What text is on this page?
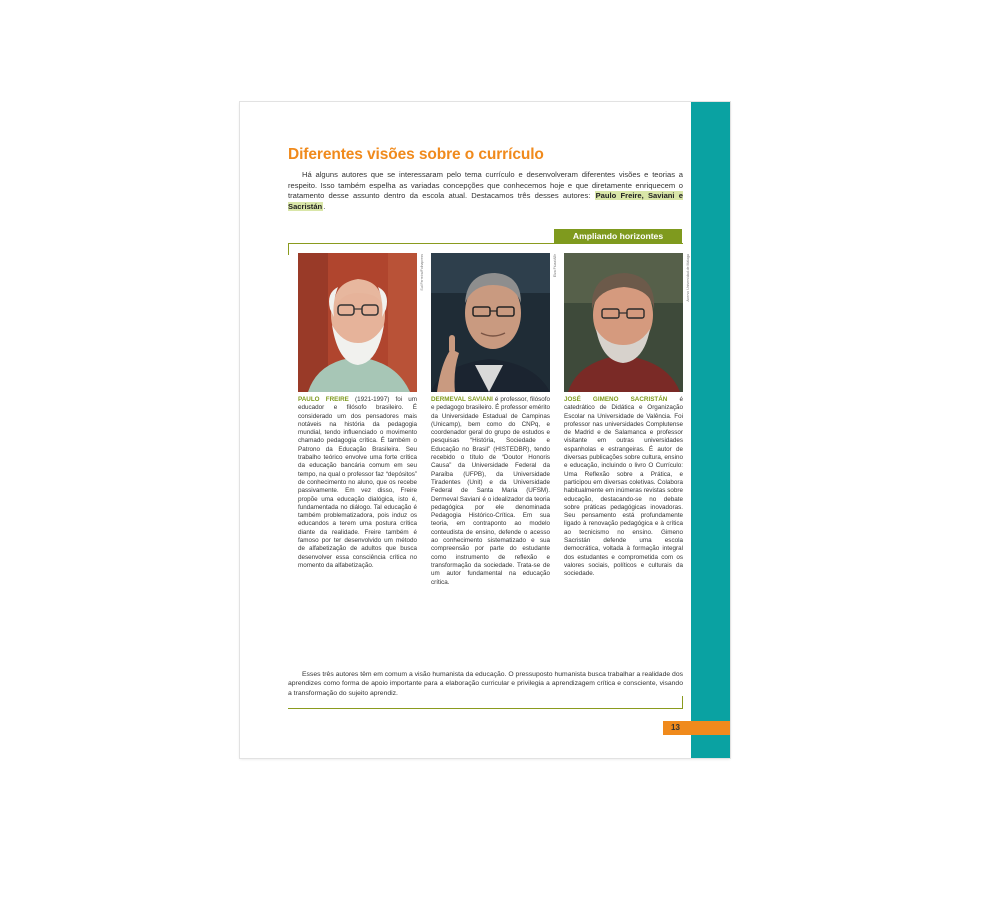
Diferentes visões sobre o currículo

Há alguns autores que se interessaram pelo tema currículo e desenvolveram diferentes visões e teorias a respeito. Isso também espelha as variadas concepções que conhecemos hoje e que diretamente enriquecem o tratamento desse assunto dentro da escola atual. Destacamos três desses autores: Paulo Freire, Saviani e Sacristán.

Ampliando horizontes
Sul Ferreira/Folhapress	Elza Fiúza/ABr	Acervo Universidad de Málaga

PAULO FREIRE (1921-1997) foi um educador e filósofo brasileiro. É considerado um dos pensadores mais notáveis na história da pedagogia mundial, tendo influenciado o movimento chamado pedagogia crítica. É também o Patrono da Educação Brasileira. Seu trabalho teórico envolve uma forte crítica da educação bancária comum em seu tempo, na qual o professor faz “depósitos” de conhecimento no aluno, que os recebe passivamente. Em vez disso, Freire propõe uma educação dialógica, isto é, fundamentada no diálogo. Tal educação é também problematizadora, pois induz os educandos a terem uma postura crítica diante da realidade. Freire também é famoso por ter desenvolvido um método de alfabetização de adultos que busca desenvolver essa consciência crítica no momento da alfabetização.

DERMEVAL SAVIANI é professor, filósofo e pedagogo brasileiro. É professor emérito da Universidade Estadual de Campinas (Unicamp), bem como do CNPq, e coordenador geral do grupo de estudos e pesquisas “História, Sociedade e Educação no Brasil” (HISTEDBR), tendo recebido o título de “Doutor Honoris Causa” da Universidade Federal da Paraíba (UFPB), da Universidade Tiradentes (Unit) e da Universidade Federal de Santa Maria (UFSM). Dermeval Saviani é o idealizador da teoria pedagógica por ele denominada Pedagogia Histórico-Crítica. Em sua teoria, em contraponto ao modelo conteudista de ensino, defende o acesso ao conhecimento sistematizado e sua compreensão por parte do estudante como instrumento de reflexão e transformação da sociedade. Trata-se de um autor fundamental na educação crítica.

JOSÉ GIMENO SACRISTÁN é catedrático de Didática e Organização Escolar na Universidade de Valência. Foi professor nas universidades Complutense de Madrid e de Salamanca e professor visitante em outras universidades espanholas e estrangeiras. É autor de diversas publicações sobre cultura, ensino e educação, incluindo o livro O Currículo: Uma Reflexão sobre a Prática, e participou em diversas coletivas. Colabora habitualmente em inúmeras revistas sobre educação, destacando-se no debate sobre práticas pedagógicas inovadoras. Seu pensamento está profundamente ligado à renovação pedagógica e à crítica ao tecnicismo no ensino. Gimeno Sacristán defende uma escola democrática, voltada à formação integral dos estudantes e comprometida com os valores sociais, políticos e culturais da sociedade.

Esses três autores têm em comum a visão humanista da educação. O pressuposto humanista busca trabalhar a realidade dos aprendizes como forma de apoio importante para a elaboração curricular e privilegia a aprendizagem crítica e consciente, visando a transformação do sujeito aprendiz.

13
